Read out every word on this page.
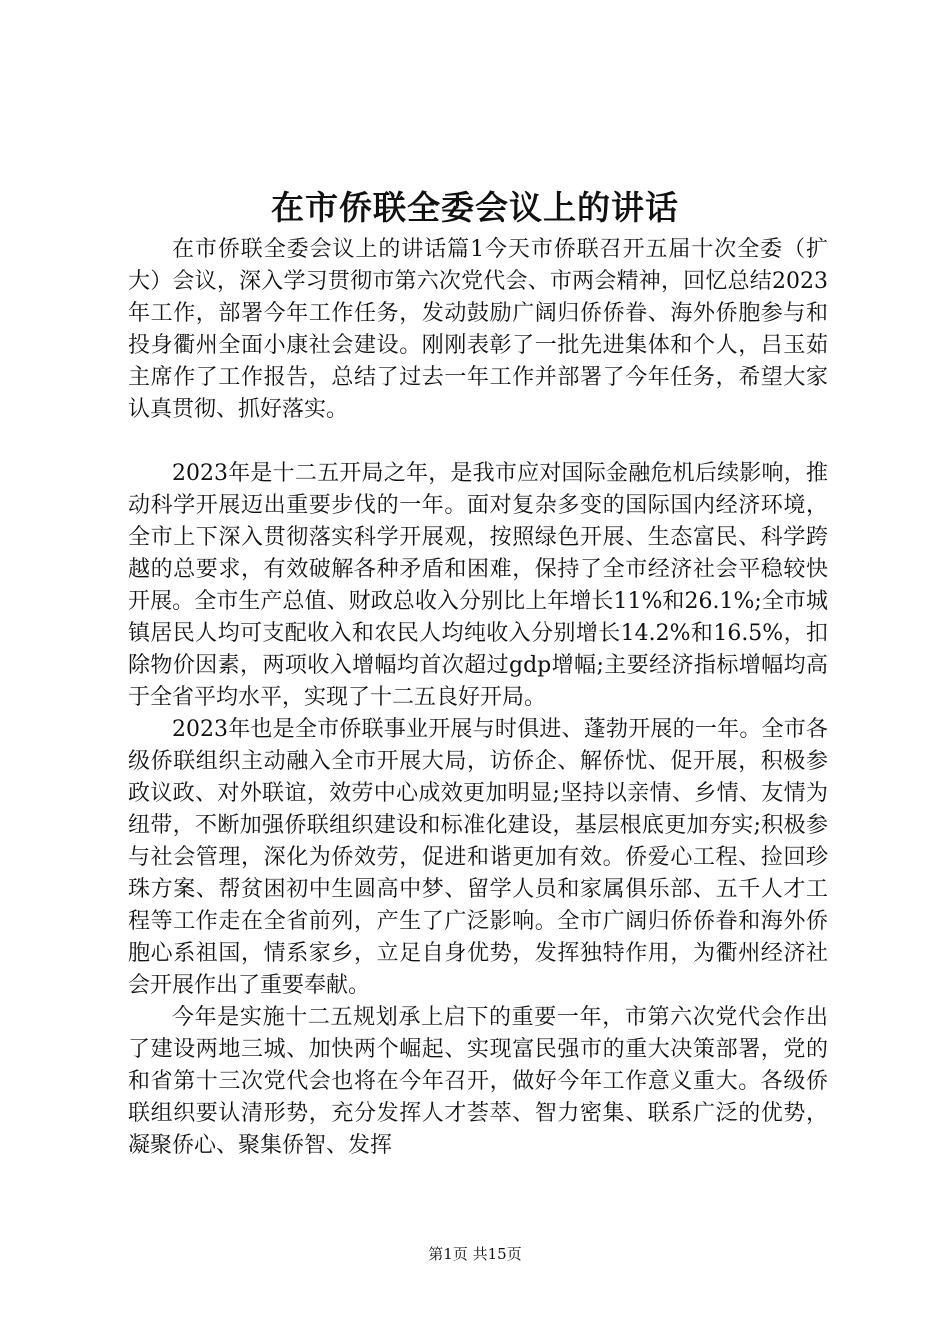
在市侨联全委会议上的讲话

在市侨联全委会议上的讲话篇1今天市侨联召开五届十次全委（扩大）会议，深入学习贯彻市第六次党代会、市两会精神，回忆总结2023年工作，部署今年工作任务，发动鼓励广阔归侨侨眷、海外侨胞参与和投身衢州全面小康社会建设。刚刚表彰了一批先进集体和个人，吕玉茹主席作了工作报告，总结了过去一年工作并部署了今年任务，希望大家认真贯彻、抓好落实。

2023年是十二五开局之年，是我市应对国际金融危机后续影响，推动科学开展迈出重要步伐的一年。面对复杂多变的国际国内经济环境，全市上下深入贯彻落实科学开展观，按照绿色开展、生态富民、科学跨越的总要求，有效破解各种矛盾和困难，保持了全市经济社会平稳较快开展。全市生产总值、财政总收入分别比上年增长11%和26.1%;全市城镇居民人均可支配收入和农民人均纯收入分别增长14.2%和16.5%，扣除物价因素，两项收入增幅均首次超过gdp增幅;主要经济指标增幅均高于全省平均水平，实现了十二五良好开局。

2023年也是全市侨联事业开展与时俱进、蓬勃开展的一年。全市各级侨联组织主动融入全市开展大局，访侨企、解侨忧、促开展，积极参政议政、对外联谊，效劳中心成效更加明显;坚持以亲情、乡情、友情为纽带，不断加强侨联组织建设和标准化建设，基层根底更加夯实;积极参与社会管理，深化为侨效劳，促进和谐更加有效。侨爱心工程、捡回珍珠方案、帮贫困初中生圆高中梦、留学人员和家属俱乐部、五千人才工程等工作走在全省前列，产生了广泛影响。全市广阔归侨侨眷和海外侨胞心系祖国，情系家乡，立足自身优势，发挥独特作用，为衢州经济社会开展作出了重要奉献。

今年是实施十二五规划承上启下的重要一年，市第六次党代会作出了建设两地三城、加快两个崛起、实现富民强市的重大决策部署，党的和省第十三次党代会也将在今年召开，做好今年工作意义重大。各级侨联组织要认清形势，充分发挥人才荟萃、智力密集、联系广泛的优势，凝聚侨心、聚集侨智、发挥

第1页 共15页
